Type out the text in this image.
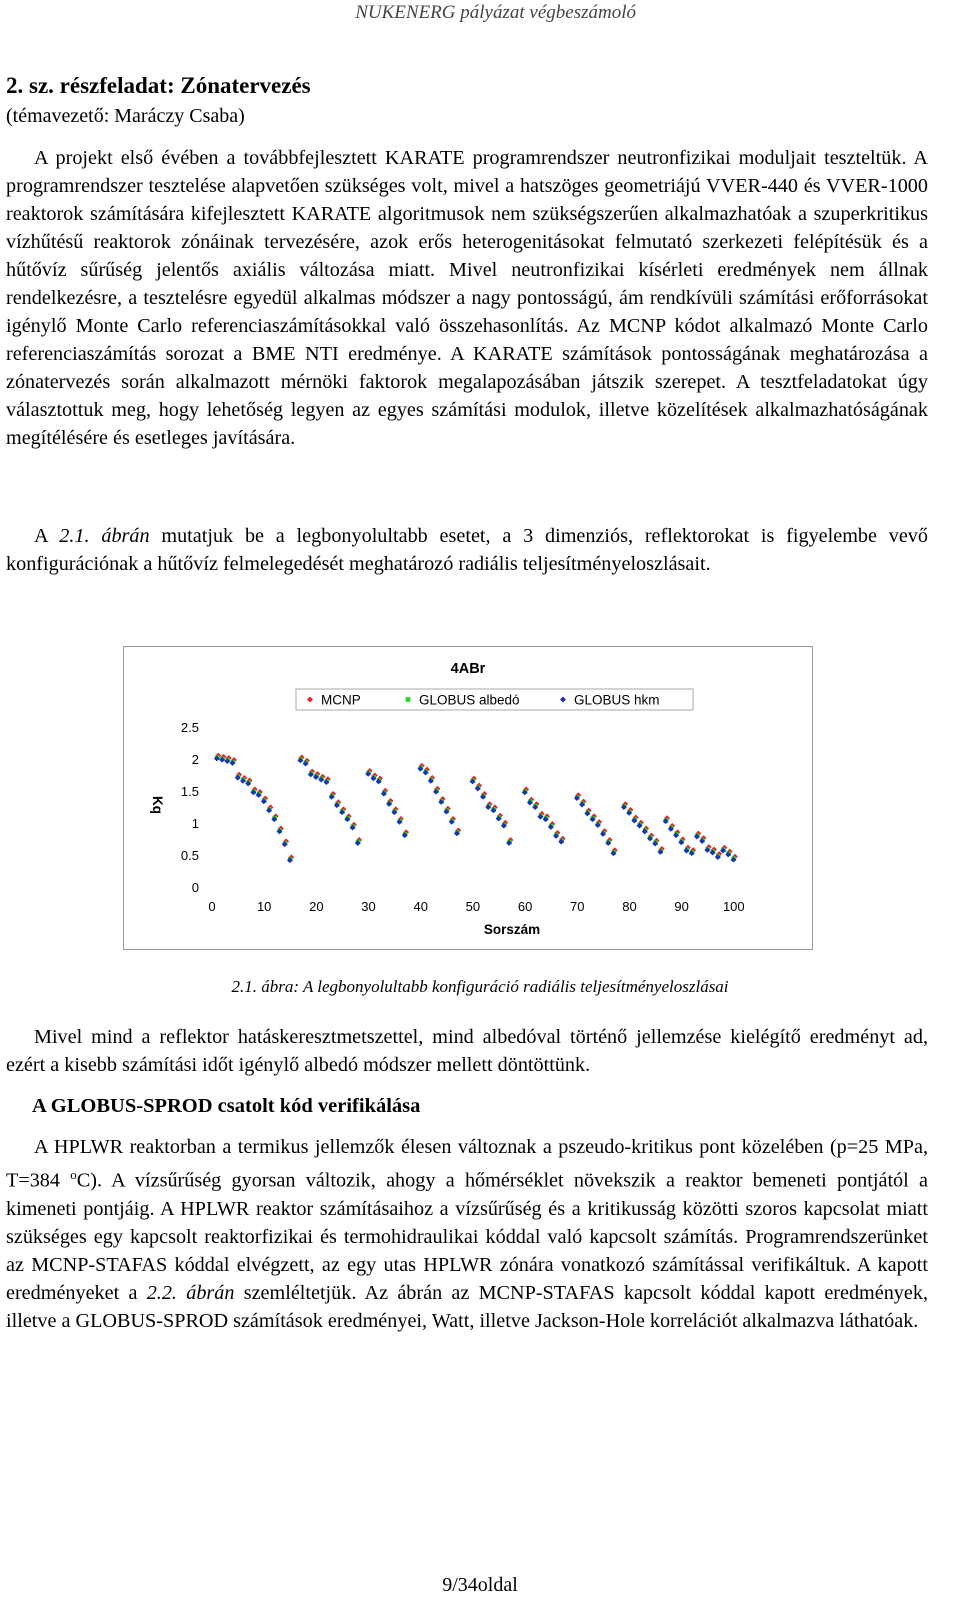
NUKENERG pályázat végbeszámoló
2. sz. részfeladat: Zónatervezés
(témavezető: Maráczy Csaba)
A projekt első évében a továbbfejlesztett KARATE programrendszer neutronfizikai moduljait teszteltük. A programrendszer tesztelése alapvetően szükséges volt, mivel a hatszöges geometriájú VVER-440 és VVER-1000 reaktorok számítására kifejlesztett KARATE algoritmusok nem szükségszerűen alkalmazhatóak a szuperkritikus vízhűtésű reaktorok zónáinak tervezésére, azok erős heterogenitásokat felmutató szerkezeti felépítésük és a hűtővíz sűrűség jelentős axiális változása miatt. Mivel neutronfizikai kísérleti eredmények nem állnak rendelkezésre, a tesztelésre egyedül alkalmas módszer a nagy pontosságú, ám rendkívüli számítási erőforrásokat igénylő Monte Carlo referenciaszámításokkal való összehasonlítás. Az MCNP kódot alkalmazó Monte Carlo referenciaszámítás sorozat a BME NTI eredménye. A KARATE számítások pontosságának meghatározása a zónatervezés során alkalmazott mérnöki faktorok megalapozásában játszik szerepet. A tesztfeladatokat úgy választottuk meg, hogy lehetőség legyen az egyes számítási modulok, illetve közelítések alkalmazhatóságának megítélésére és esetleges javítására.
A 2.1. ábrán mutatjuk be a legbonyolultabb esetet, a 3 dimenziós, reflektorokat is figyelembe vevő konfigurációnak a hűtővíz felmelegedését meghatározó radiális teljesítményeloszlásait.
4ABr
MCNP	GLOBUS albedó	GLOBUS hkm
Kq
Sorszám
0
0.5
1
1.5
2
2.5
0	10	20	30	40	50	60	70	80	90	100
2.1. ábra: A legbonyolultabb konfiguráció radiális teljesítményeloszlásai
Mivel mind a reflektor hatáskeresztmetszettel, mind albedóval történő jellemzése kielégítő eredményt ad, ezért a kisebb számítási időt igénylő albedó módszer mellett döntöttünk.
A GLOBUS-SPROD csatolt kód verifikálása
A HPLWR reaktorban a termikus jellemzők élesen változnak a pszeudo-kritikus pont közelében (p=25 MPa, T=384 $^o$C). A vízsűrűség gyorsan változik, ahogy a hőmérséklet növekszik a reaktor bemeneti pontjától a kimeneti pontjáig. A HPLWR reaktor számításaihoz a vízsűrűség és a kritikusság közötti szoros kapcsolat miatt szükséges egy kapcsolt reaktorfizikai és termohidraulikai kóddal való kapcsolt számítás. Programrendszerünket az MCNP-STAFAS kóddal elvégzett, az egy utas HPLWR zónára vonatkozó számítással verifikáltuk. A kapott eredményeket a 2.2. ábrán szemléltetjük. Az ábrán az MCNP-STAFAS kapcsolt kóddal kapott eredmények, illetve a GLOBUS-SPROD számítások eredményei, Watt, illetve Jackson-Hole korrelációt alkalmazva láthatóak.
9/34oldal
